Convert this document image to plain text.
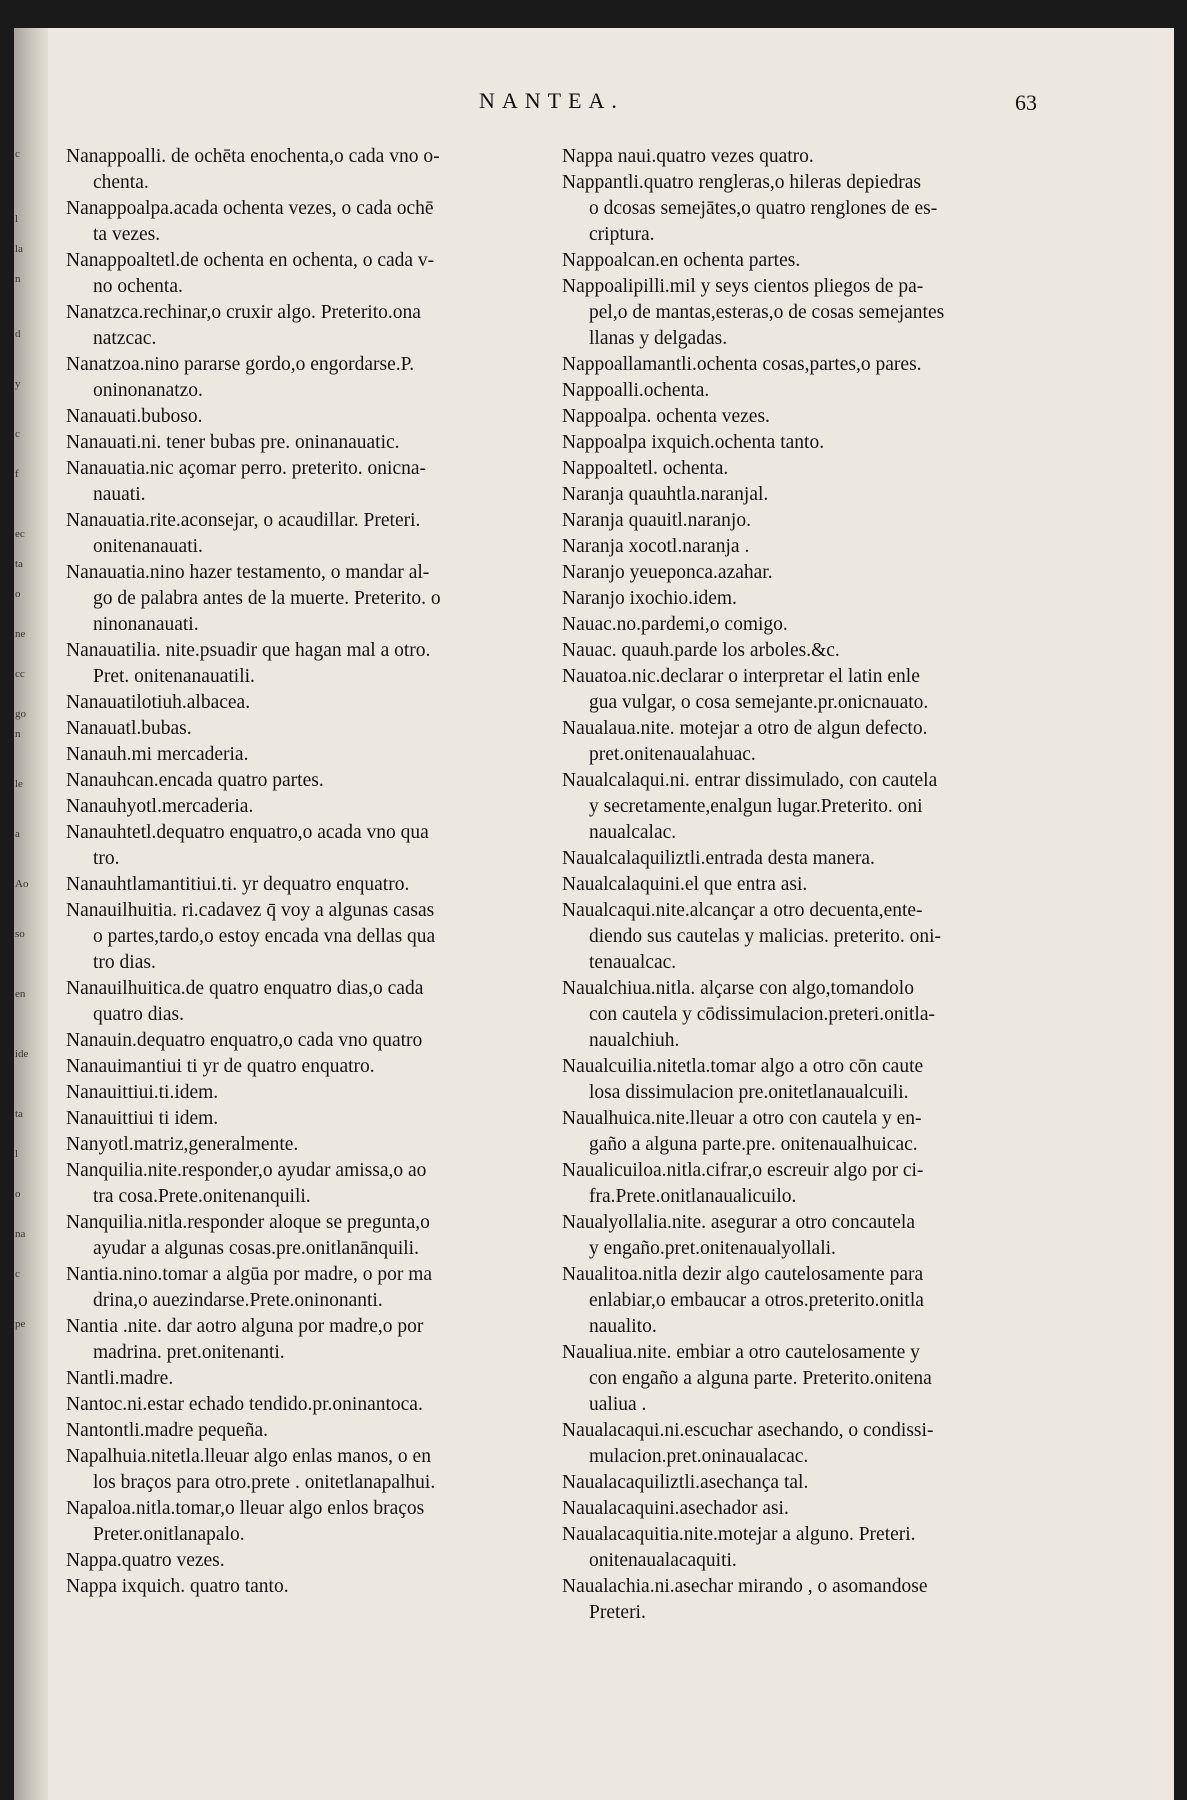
c
l
la
n
d
y
c
f
ec
ta
o
ne
cc
go
n
le
a
Ao
so
en
ide
ta
l
o
na
c
pe
NANTEA.	63

Nanappoalli. de ochēta enochenta,o cada vno o-
chenta.

Nanappoalpa.acada ochenta vezes, o cada ochē
ta vezes.

Nanappoaltetl.de ochenta en ochenta, o cada v-
no ochenta.

Nanatzca.rechinar,o cruxir algo. Preterito.ona
natzcac.

Nanatzoa.nino pararse gordo,o engordarse.P.
oninonanatzo.

Nanauati.buboso.

Nanauati.ni. tener bubas pre. oninanauatic.

Nanauatia.nic aҫomar perro. preterito. onicna-
nauati.

Nanauatia.rite.aconsejar, o acaudillar. Preteri.
onitenanauati.

Nanauatia.nino hazer testamento, o mandar al-
go de palabra antes de la muerte. Preterito. o
ninonanauati.

Nanauatilia. nite.psuadir que hagan mal a otro.
Pret. onitenanauatili.

Nanauatilotiuh.albacea.

Nanauatl.bubas.

Nanauh.mi mercaderia.

Nanauhcan.encada quatro partes.

Nanauhyotl.mercaderia.

Nanauhtetl.dequatro enquatro,o acada vno qua
tro.

Nanauhtlamantitiui.ti. yr dequatro enquatro.

Nanauilhuitia. ri.cadavez q̄ voy a algunas casas
o partes,tardo,o estoy encada vna dellas qua
tro dias.

Nanauilhuitica.de quatro enquatro dias,o cada
quatro dias.

Nanauin.dequatro enquatro,o cada vno quatro

Nanauimantiui ti yr de quatro enquatro.

Nanauittiui.ti.idem.

Nanauittiui ti idem.

Nanyotl.matriz,generalmente.

Nanquilia.nite.responder,o ayudar amissa,o ao
tra cosa.Prete.onitenanquili.

Nanquilia.nitla.responder aloque se pregunta,o
ayudar a algunas cosas.pre.onitlanānquili.

Nantia.nino.tomar a algūa por madre, o por ma
drina,o auezindarse.Prete.oninonanti.

Nantia .nite. dar aotro alguna por madre,o por
madrina. pret.onitenanti.

Nantli.madre.

Nantoc.ni.estar echado tendido.pr.oninantoca.

Nantontli.madre pequeña.

Napalhuia.nitetla.lleuar algo enlas manos, o en
los braҫos para otro.prete . onitetlanapalhui.

Napaloa.nitla.tomar,o lleuar algo enlos braҫos
Preter.onitlanapalo.

Nappa.quatro vezes.

Nappa ixquich. quatro tanto.

Nappa naui.quatro vezes quatro.

Nappantli.quatro rengleras,o hileras depiedras
o dcosas semejātes,o quatro renglones de es-
criptura.

Nappoalcan.en ochenta partes.

Nappoalipilli.mil y seys cientos pliegos de pa-
pel,o de mantas,esteras,o de cosas semejantes
llanas y delgadas.

Nappoallamantli.ochenta cosas,partes,o pares.

Nappoalli.ochenta.

Nappoalpa. ochenta vezes.

Nappoalpa ixquich.ochenta tanto.

Nappoaltetl. ochenta.

Naranja quauhtla.naranjal.

Naranja quauitl.naranjo.

Naranja xocotl.naranja .

Naranjo yeueponca.azahar.

Naranjo ixochio.idem.

Nauac.no.pardemi,o comigo.

Nauac. quauh.parde los arboles.&c.

Nauatoa.nic.declarar o interpretar el latin enle
gua vulgar, o cosa semejante.pr.onicnauato.

Naualaua.nite. motejar a otro de algun defecto.
pret.onitenaualahuac.

Naualcalaqui.ni. entrar dissimulado, con cautela
y secretamente,enalgun lugar.Preterito. oni
naualcalac.

Naualcalaquiliztli.entrada desta manera.

Naualcalaquini.el que entra asi.

Naualcaqui.nite.alcanҫar a otro decuenta,ente-
diendo sus cautelas y malicias. preterito. oni-
tenaualcac.

Naualchiua.nitla. alҫarse con algo,tomandolo
con cautela y cōdissimulacion.preteri.onitla-
naualchiuh.

Naualcuilia.nitetla.tomar algo a otro cōn caute
losa dissimulacion pre.onitetlanaualcuili.

Naualhuica.nite.lleuar a otro con cautela y en-
gaño a alguna parte.pre. onitenaualhuicac.

Naualicuiloa.nitla.cifrar,o escreuir algo por ci-
fra.Prete.onitlanaualicuilo.

Naualyollalia.nite. asegurar a otro concautela
y engaño.pret.onitenaualyollali.

Naualitoa.nitla dezir algo cautelosamente para
enlabiar,o embaucar a otros.preterito.onitla
naualito.

Naualiua.nite. embiar a otro cautelosamente y
con engaño a alguna parte. Preterito.onitena
ualiua .

Naualacaqui.ni.escuchar asechando, o condissi-
mulacion.pret.oninaualacac.

Naualacaquiliztli.asechanҫa tal.

Naualacaquini.asechador asi.

Naualacaquitia.nite.motejar a alguno. Preteri.
onitenaualacaquiti.

Naualachia.ni.asechar mirando , o asomandose
Preteri.
